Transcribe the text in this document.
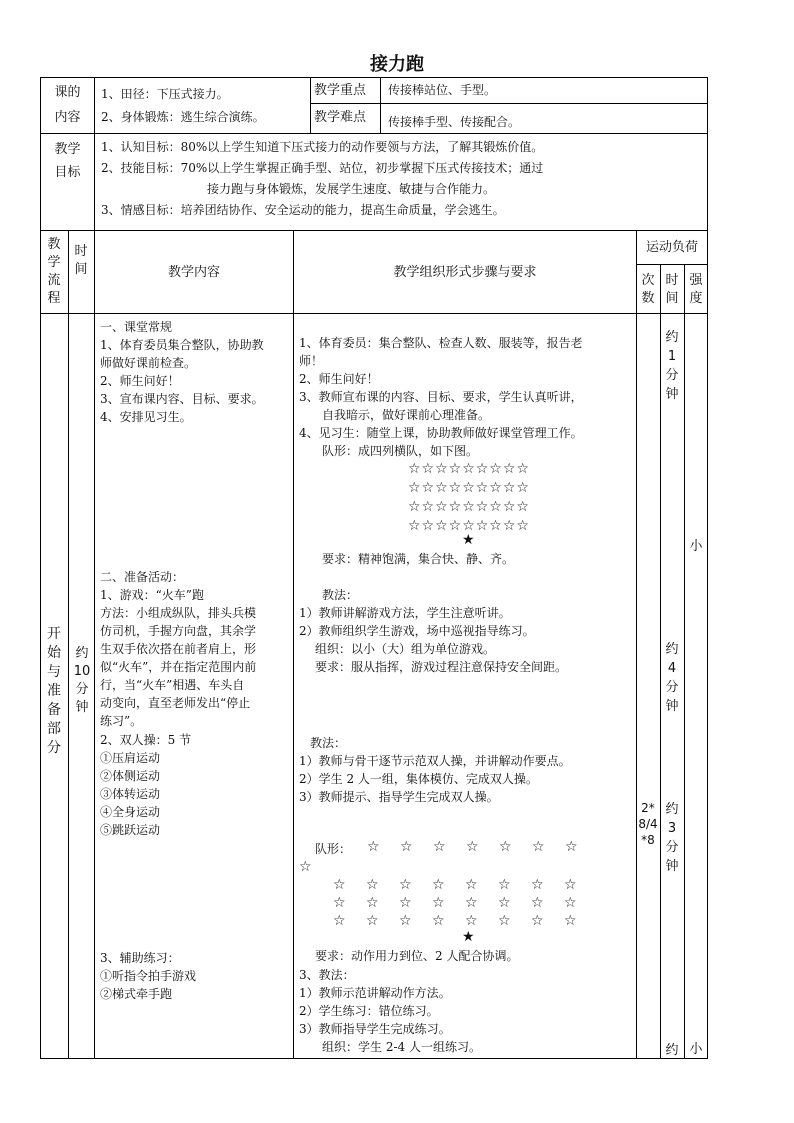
接力跑
课的内容
1、田径：下压式接力。
2、身体锻炼：逃生综合演练。
教学重点 传接棒站位、手型。
教学难点 传接棒手型、传接配合。
教学目标
1、认知目标：80%以上学生知道下压式接力的动作要领与方法，了解其锻炼价值。
2、技能目标：70%以上学生掌握正确手型、站位，初步掌握下压式传接技术；通过
接力跑与身体锻炼，发展学生速度、敏捷与合作能力。
3、情感目标：培养团结协作、安全运动的能力，提高生命质量，学会逃生。
教学流程
时间	教学内容	教学组织形式步骤与要求
运动负荷
次数
时间
强度
开始与准备部分
约10分钟
一、课堂常规
1、体育委员集合整队，协助教
师做好课前检查。
2、师生问好！
3、宣布课内容、目标、要求。
4、安排见习生。
二、准备活动：
1、游戏：“火车”跑
方法：小组成纵队，排头兵模
仿司机，手握方向盘，其余学
生双手依次搭在前者肩上，形
似“火车”，并在指定范围内前
行，当“火车”相遇、车头自
动变向，直至老师发出“停止
练习”。
2、双人操：5 节
①压肩运动
②体侧运动
③体转运动
④全身运动
⑤跳跃运动
3、辅助练习：
①听指令拍手游戏
②梯式牵手跑
1、体育委员：集合整队、检查人数、服装等，报告老
师！
2、师生问好！
3、教师宣布课的内容、目标、要求，学生认真听讲，
自我暗示，做好课前心理准备。
4、见习生：随堂上课，协助教师做好课堂管理工作。
队形：成四列横队，如下图。
☆☆☆☆☆☆☆☆☆
☆☆☆☆☆☆☆☆☆
☆☆☆☆☆☆☆☆☆
☆☆☆☆☆☆☆☆☆
★
要求：精神饱满，集合快、静、齐。
教法：
1）教师讲解游戏方法，学生注意听讲。
2）教师组织学生游戏，场中巡视指导练习。
组织：以小（大）组为单位游戏。
要求：服从指挥，游戏过程注意保持安全间距。
教法：
1）教师与骨干逐节示范双人操，并讲解动作要点。
2）学生 2 人一组，集体模仿、完成双人操。
3）教师提示、指导学生完成双人操。
队形： ☆ ☆ ☆ ☆ ☆ ☆ ☆
☆
☆ ☆ ☆ ☆ ☆ ☆ ☆ ☆
☆ ☆ ☆ ☆ ☆ ☆ ☆ ☆
☆ ☆ ☆ ☆ ☆ ☆ ☆ ☆
★
要求：动作用力到位、2 人配合协调。
3、教法：
1）教师示范讲解动作方法。
2）学生练习：错位练习。
3）教师指导学生完成练习。
组织：学生 2-4 人一组练习。
2*8/4*8
约1分钟
约4分钟
约3分钟
约
小
小
